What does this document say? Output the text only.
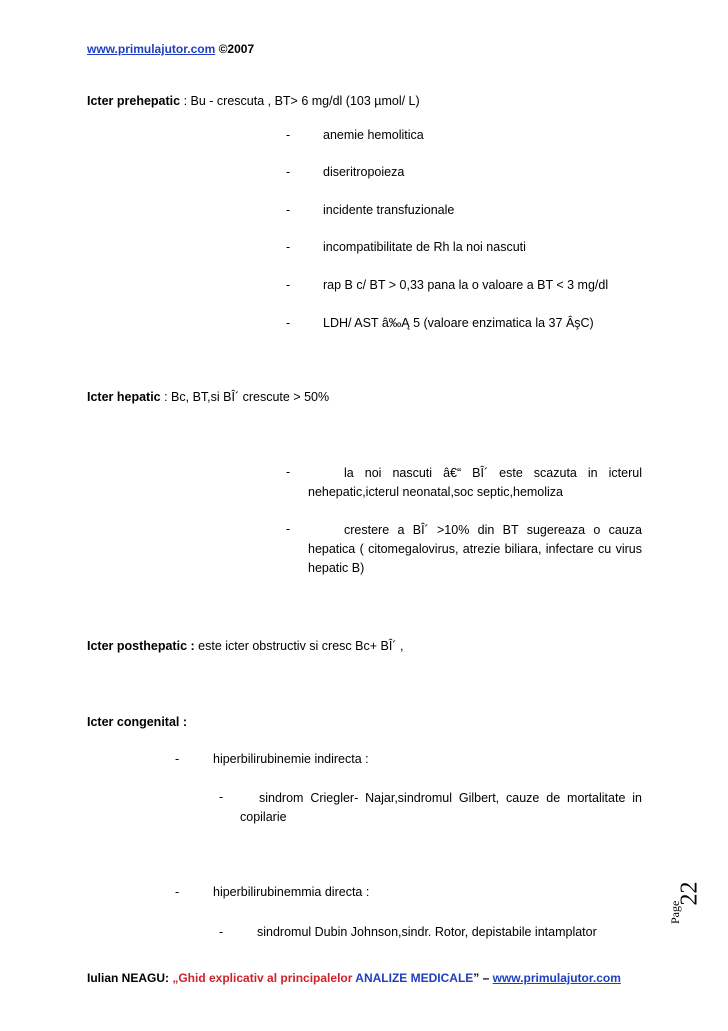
www.primulajutor.com ©2007
Icter prehepatic : Bu - crescuta , BT> 6 mg/dl (103 µmol/ L)
-	anemie hemolitica
-	diseritropoieza
-	incidente transfuzionale
-	incompatibilitate de Rh la noi nascuti
-	rap B c/ BT > 0,33 pana la o valoare a BT < 3 mg/dl
-	LDH/ AST â‰Ą 5 (valoare enzimatica la 37 ÂşC)
Icter hepatic : Bc, BT,si BÎ´ crescute > 50%
-	la noi nascuti â€“ BÎ´ este scazuta in icterul nehepatic,icterul neonatal,soc septic,hemoliza
-	crestere a BÎ´ >10% din BT sugereaza o cauza hepatica ( citomegalovirus, atrezie biliara, infectare cu virus hepatic B)
Icter posthepatic : este icter obstructiv si cresc Bc+ BÎ´ ,
Icter congenital :
-	hiperbilirubinemie indirecta :
-	sindrom Criegler- Najar,sindromul Gilbert, cauze de mortalitate in copilarie
-	hiperbilirubinemmia directa :
-	sindromul Dubin Johnson,sindr. Rotor, depistabile intamplator
Page
22
Iulian NEAGU: „Ghid explicativ al principalelor ANALIZE MEDICALE” – www.primulajutor.com
